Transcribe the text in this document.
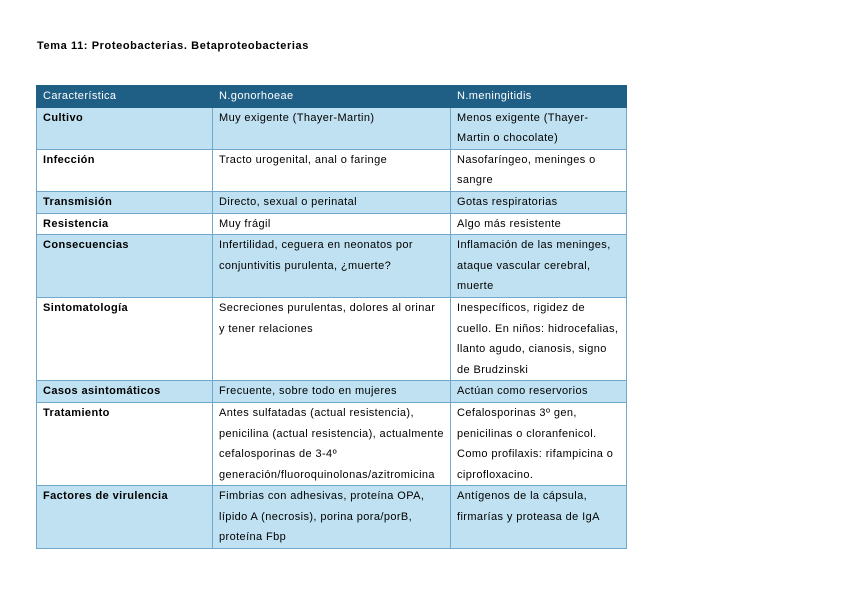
Tema 11: Proteobacterias. Betaproteobacterias
Característica	N.gonorhoeae	N.meningitidis
Cultivo	Muy exigente (Thayer-Martin)	Menos exigente (Thayer-Martin o chocolate)
Infección	Tracto urogenital, anal o faringe	Nasofaríngeo, meninges o sangre
Transmisión	Directo, sexual o perinatal	Gotas respiratorias
Resistencia	Muy frágil	Algo más resistente
Consecuencias	Infertilidad, ceguera en neonatos por conjuntivitis purulenta, ¿muerte?	Inflamación de las meninges, ataque vascular cerebral, muerte
Sintomatología	Secreciones purulentas, dolores al orinar y tener relaciones	Inespecíficos, rigidez de cuello. En niños: hidrocefalias, llanto agudo, cianosis, signo de Brudzinski
Casos asintomáticos	Frecuente, sobre todo en mujeres	Actúan como reservorios
Tratamiento	Antes sulfatadas (actual resistencia), penicilina (actual resistencia), actualmente cefalosporinas de 3-4º generación/fluoroquinolonas/azitromicina	Cefalosporinas 3º gen, penicilinas o cloranfenicol. Como profilaxis: rifampicina o ciprofloxacino.
Factores de virulencia	Fimbrias con adhesivas, proteína OPA, lípido A (necrosis), porina pora/porB, proteína Fbp	Antígenos de la cápsula, firmarías y proteasa de IgA
